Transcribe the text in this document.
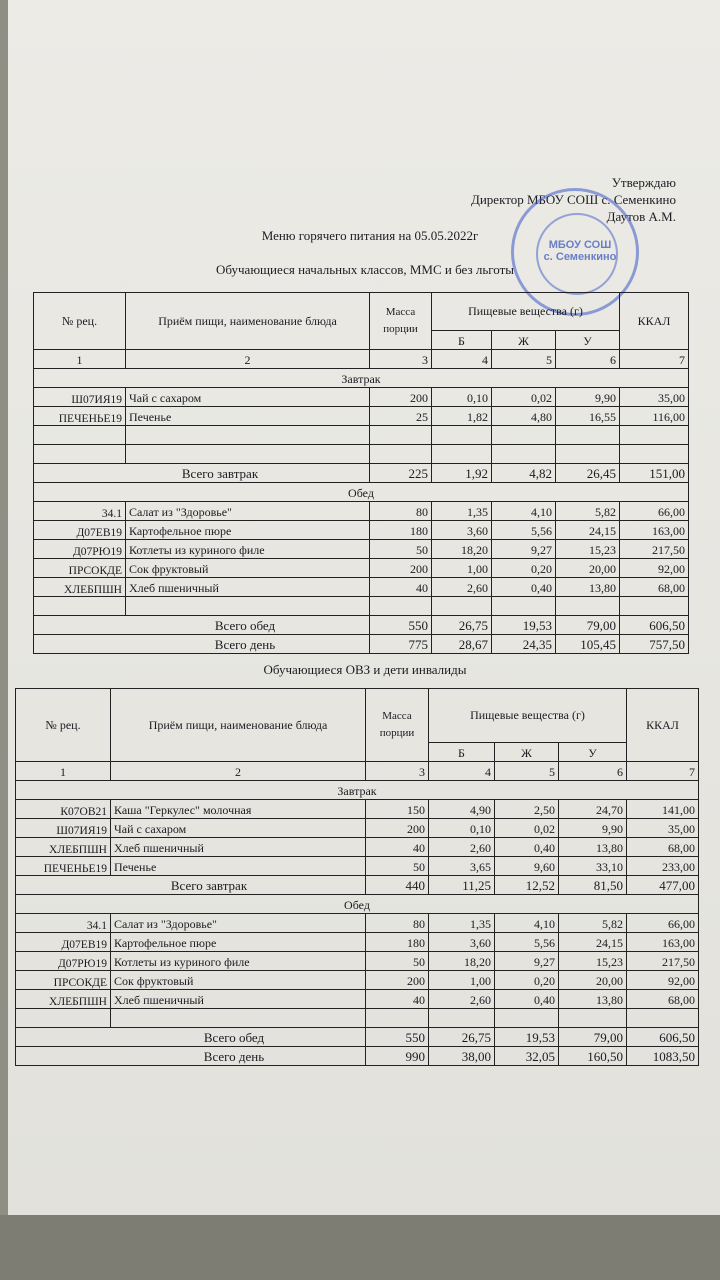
Утверждаю
Директор МБОУ СОШ с. Семенкино
Даутов А.М.
МБОУ СОШ
с. Семенкино
Меню горячего питания на 05.05.2022г
Обучающиеся начальных классов, ММС и без льготы
№ рец.	Приём пищи, наименование блюда	Масса порции	Пищевые вещества (г)			ККАЛ
			Б	Ж	У	
1	2	3	4	5	6	7
Завтрак						
Ш07ИЯ19	Чай с сахаром	200	0,10	0,02	9,90	35,00
ПЕЧЕНЬЕ19	Печенье	25	1,82	4,80	16,55	116,00

Всего завтрак		225	1,92	4,82	26,45	151,00
Обед						
34.1	Салат из "Здоровье"	80	1,35	4,10	5,82	66,00
Д07ЕВ19	Картофельное пюре	180	3,60	5,56	24,15	163,00
Д07РЮ19	Котлеты из куриного филе	50	18,20	9,27	15,23	217,50
ПРСОКДЕ	Сок фруктовый	200	1,00	0,20	20,00	92,00
ХЛЕБПШН	Хлеб пшеничный	40	2,60	0,40	13,80	68,00

Всего обед		550	26,75	19,53	79,00	606,50
Всего день		775	28,67	24,35	105,45	757,50
Обучающиеся ОВЗ и дети инвалиды
№ рец.	Приём пищи, наименование блюда	Масса порции	Пищевые вещества (г)			ККАЛ
			Б	Ж	У	
1	2	3	4	5	6	7
Завтрак						
К07ОВ21	Каша "Геркулес" молочная	150	4,90	2,50	24,70	141,00
Ш07ИЯ19	Чай с сахаром	200	0,10	0,02	9,90	35,00
ХЛЕБПШН	Хлеб пшеничный	40	2,60	0,40	13,80	68,00
ПЕЧЕНЬЕ19	Печенье	50	3,65	9,60	33,10	233,00
Всего завтрак		440	11,25	12,52	81,50	477,00
Обед						
34.1	Салат из "Здоровье"	80	1,35	4,10	5,82	66,00
Д07ЕВ19	Картофельное пюре	180	3,60	5,56	24,15	163,00
Д07РЮ19	Котлеты из куриного филе	50	18,20	9,27	15,23	217,50
ПРСОКДЕ	Сок фруктовый	200	1,00	0,20	20,00	92,00
ХЛЕБПШН	Хлеб пшеничный	40	2,60	0,40	13,80	68,00

Всего обед		550	26,75	19,53	79,00	606,50
Всего день		990	38,00	32,05	160,50	1083,50
